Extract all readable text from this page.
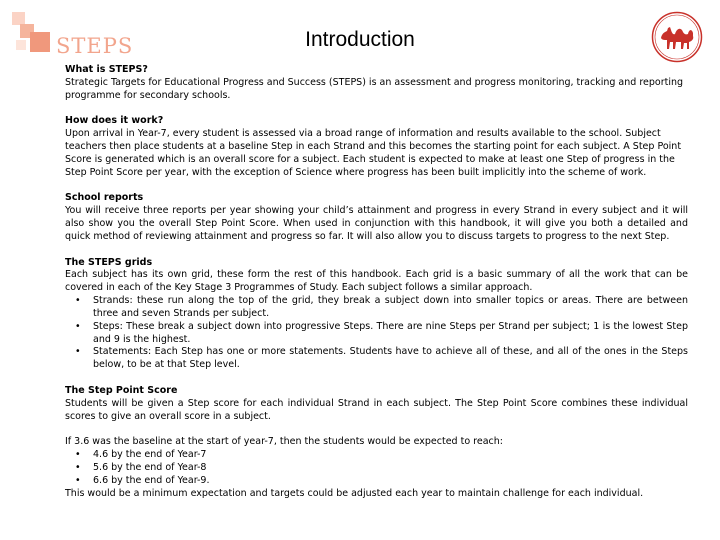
STEPS	Introduction
What is STEPS?
Strategic Targets for Educational Progress and Success (STEPS) is an assessment and progress monitoring, tracking and reporting programme for secondary schools.
How does it work?
Upon arrival in Year-7, every student is assessed via a broad range of information and results available to the school. Subject teachers then place students at a baseline Step in each Strand and this becomes the starting point for each subject. A Step Point Score is generated which is an overall score for a subject. Each student is expected to make at least one Step of progress in the Step Point Score per year, with the exception of Science where progress has been built implicitly into the scheme of work.
School reports
You will receive three reports per year showing your child’s attainment and progress in every Strand in every subject and it will also show you the overall Step Point Score. When used in conjunction with this handbook, it will give you both a detailed and quick method of reviewing attainment and progress so far. It will also allow you to discuss targets to progress to the next Step.
The STEPS grids
Each subject has its own grid, these form the rest of this handbook. Each grid is a basic summary of all the work that can be covered in each of the Key Stage 3 Programmes of Study. Each subject follows a similar approach.
• Strands: these run along the top of the grid, they break a subject down into smaller topics or areas. There are between three and seven Strands per subject.
• Steps: These break a subject down into progressive Steps. There are nine Steps per Strand per subject; 1 is the lowest Step and 9 is the highest.
• Statements: Each Step has one or more statements. Students have to achieve all of these, and all of the ones in the Steps below, to be at that Step level.
The Step Point Score
Students will be given a Step score for each individual Strand in each subject. The Step Point Score combines these individual scores to give an overall score in a subject.
If 3.6 was the baseline at the start of year-7, then the students would be expected to reach:
• 4.6 by the end of Year-7
• 5.6 by the end of Year-8
• 6.6 by the end of Year-9.
This would be a minimum expectation and targets could be adjusted each year to maintain challenge for each individual.
